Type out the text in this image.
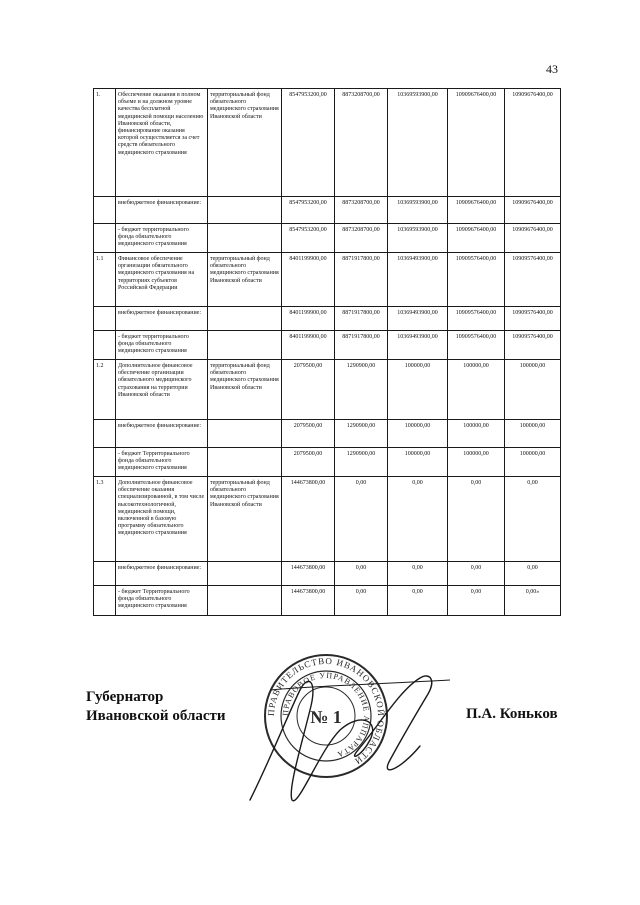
43
1.	Обеспечение оказания в полном объеме и на должном уровне качества бесплатной медицинской помощи населению Ивановской области, финансирование оказания которой осуществляется за счет средств обязательного медицинского страхования	территориальный фонд обязательного медицинского страхования Ивановской области	8547953200,00	8873208700,00	10369593900,00	10909676400,00	10909676400,00
	внебюджетное финансирование:		8547953200,00	8873208700,00	10369593900,00	10909676400,00	10909676400,00
	- бюджет территориального фонда обязательного медицинского страхования		8547953200,00	8873208700,00	10369593900,00	10909676400,00	10909676400,00
1.1	Финансовое обеспечение организации обязательного медицинского страхования на территориях субъектов Российской Федерации	территориальный фонд обязательного медицинского страхования Ивановской области	8401199900,00	8871917800,00	10369493900,00	10909576400,00	10909576400,00
	внебюджетное финансирование:		8401199900,00	8871917800,00	10369493900,00	10909576400,00	10909576400,00
	- бюджет территориального фонда обязательного медицинского страхования		8401199900,00	8871917800,00	10369493900,00	10909576400,00	10909576400,00
1.2	Дополнительное финансовое обеспечение организации обязательного медицинского страхования на территории Ивановской области	территориальный фонд обязательного медицинского страхования Ивановской области	2079500,00	1290900,00	100000,00	100000,00	100000,00
	внебюджетное финансирование:		2079500,00	1290900,00	100000,00	100000,00	100000,00
	- бюджет Территориального фонда обязательного медицинского страхования		2079500,00	1290900,00	100000,00	100000,00	100000,00
1.3	Дополнительное финансовое обеспечение оказания специализированной, в том числе высокотехнологичной, медицинской помощи, включенной в базовую программу обязательного медицинского страхования	территориальный фонд обязательного медицинского страхования Ивановской области	144673800,00	0,00	0,00	0,00	0,00
	внебюджетное финансирование:		144673800,00	0,00	0,00	0,00	0,00
	- бюджет Территориального фонда обязательного медицинского страхования		144673800,00	0,00	0,00	0,00	0,00»
Губернатор
Ивановской области	ПРАВИТЕЛЬСТВО ИВАНОВСКОЙ ОБЛАСТИ
ПРАВОВОЕ УПРАВЛЕНИЕ АППАРАТА
№ 1	П.А. Коньков
